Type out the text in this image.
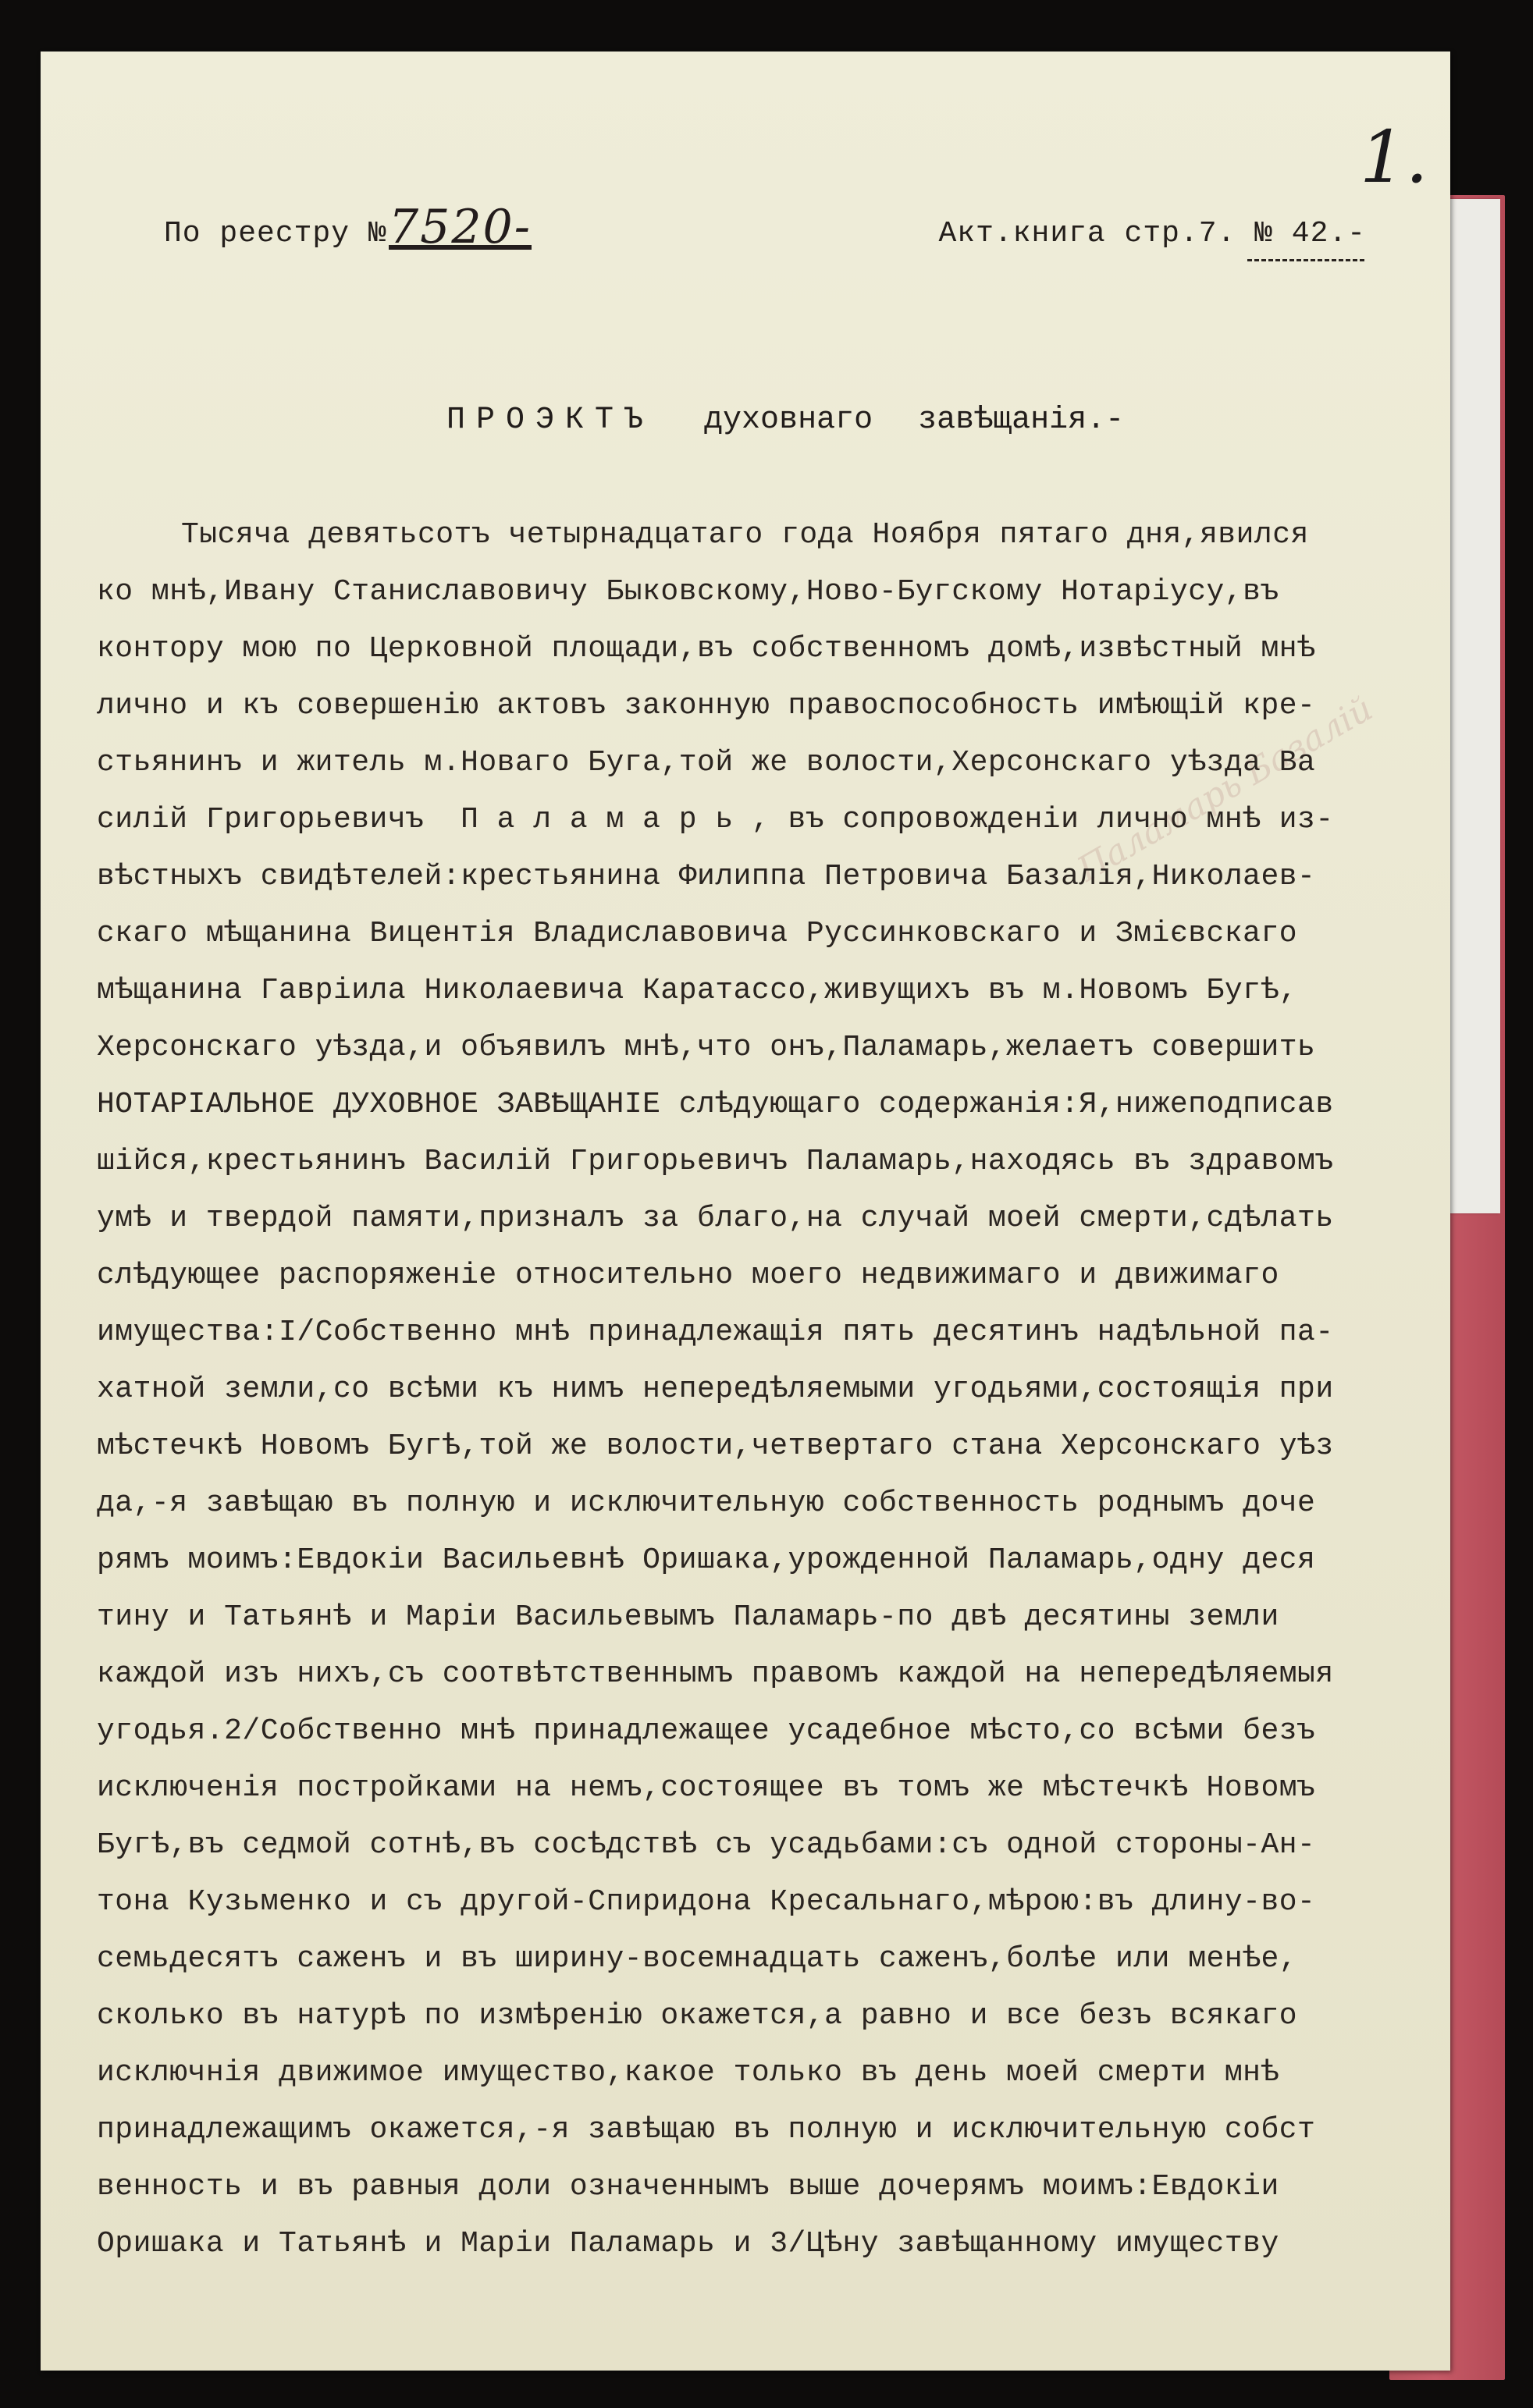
1.

По реестру № 7520-	Акт.книга стр.7. № 42.-
ПРОЭКТЪ духовнаго завѣщанія.-

Паламарь Базалій

Тысяча девятьсотъ четырнадцатаго года Ноября пятаго дня,явился
ко мнѣ,Ивану Станиславовичу Быковскому,Ново-Бугскому Нотаріусу,въ
контору мою по Церковной площади,въ собственномъ домѣ,извѣстный мнѣ
лично и къ совершенію актовъ законную правоспособность имѣющій кре-
стьянинъ и житель м.Новаго Буга,той же волости,Херсонскаго уѣзда Ва
силій Григорьевичъ  П а л а м а р ь , въ сопровожденіи лично мнѣ из-
вѣстныхъ свидѣтелей:крестьянина Филиппа Петровича Базалія,Николаев-
скаго мѣщанина Вицентія Владиславовича Руссинковскаго и Змієвскаго
мѣщанина Гавріила Николаевича Каратассо,живущихъ въ м.Новомъ Бугѣ,
Херсонскаго уѣзда,и объявилъ мнѣ,что онъ,Паламарь,желаетъ совершить
НОТАРІАЛЬНОЕ ДУХОВНОЕ ЗАВѢЩАНІЕ слѣдующаго содержанія:Я,нижеподписав
шійся,крестьянинъ Василій Григорьевичъ Паламарь,находясь въ здравомъ
умѣ и твердой памяти,призналъ за благо,на случай моей смерти,сдѣлать
слѣдующее распоряженіе относительно моего недвижимаго и движимаго
имущества:I/Собственно мнѣ принадлежащія пять десятинъ надѣльной па-
хатной земли,со всѣми къ нимъ непередѣляемыми угодьями,состоящія при
мѣстечкѣ Новомъ Бугѣ,той же волости,четвертаго стана Херсонскаго уѣз
да,-я завѣщаю въ полную и исключительную собственность роднымъ доче
рямъ моимъ:Евдокіи Васильевнѣ Оришака,урожденной Паламарь,одну деся
тину и Татьянѣ и Маріи Васильевымъ Паламарь-по двѣ десятины земли
каждой изъ нихъ,съ соотвѣтственнымъ правомъ каждой на непередѣляемыя
угодья.2/Собственно мнѣ принадлежащее усадебное мѣсто,со всѣми безъ
исключенія постройками на немъ,состоящее въ томъ же мѣстечкѣ Новомъ
Бугѣ,въ седмой сотнѣ,въ сосѣдствѣ съ усадьбами:съ одной стороны-Ан-
тона Кузьменко и съ другой-Спиридона Кресальнаго,мѣрою:въ длину-во-
семьдесятъ саженъ и въ ширину-восемнадцать саженъ,болѣе или менѣе,
сколько въ натурѣ по измѣренію окажется,а равно и все безъ всякаго
исключнія движимое имущество,какое только въ день моей смерти мнѣ
принадлежащимъ окажется,-я завѣщаю въ полную и исключительную собст
венность и въ равныя доли означеннымъ выше дочерямъ моимъ:Евдокіи
Оришака и Татьянѣ и Маріи Паламарь и 3/Цѣну завѣщанному имуществу
